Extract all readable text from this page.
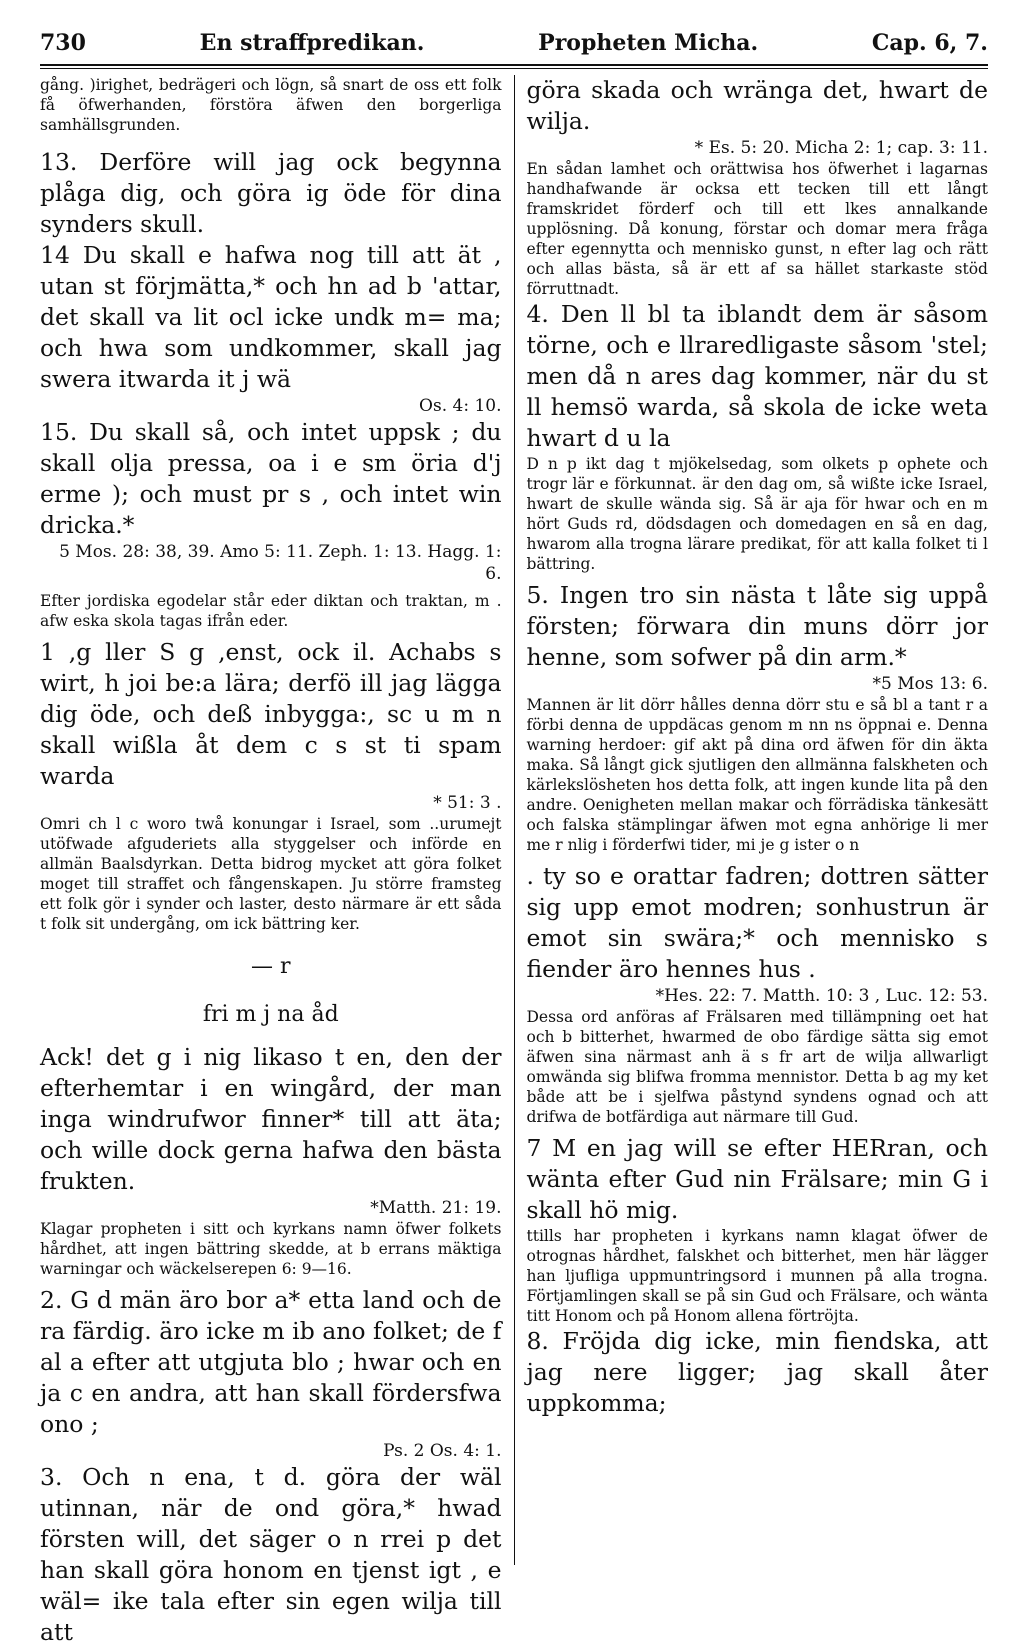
730	En straffpredikan.	Propheten Micha.	Cap. 6, 7.

gång. )irighet, bedrägeri och lögn, så snart de oss ett folk få öfwerhanden, förstöra äfwen den borgerliga samhällsgrunden.

13. Derföre will jag ock begynna plåga dig, och göra ig öde för dina synders skull.

14 Du skall e hafwa nog till att ät , utan st förjmätta,* och hn ad b 'attar, det skall va lit ocl icke undk m= ma; och hwa som undkommer, skall jag swera itwarda it j wä

Os. 4: 10.

15. Du skall så, och intet uppsk ; du skall olja pressa, oa i e sm öria d'j erme ); och must pr s , och intet win dricka.*

5 Mos. 28: 38, 39. Amo 5: 11. Zeph. 1: 13. Hagg. 1: 6.

Efter jordiska egodelar står eder diktan och traktan, m . afw eska skola tagas ifrån eder.

1 ,g ller S g ,enst, ock il. Achabs s wirt, h joi be:a lära; derfö ill jag lägga dig öde, och deß inbygga:, sc u m n skall wißla åt dem c s st ti spam warda

* 51: 3 .

Omri ch l c woro twå konungar i Israel, som ..urumejt utöfwade afguderiets alla styggelser och införde en allmän Baalsdyrkan. Detta bidrog mycket att göra folket moget till straffet och fångenskapen. Ju större framsteg ett folk gör i synder och laster, desto närmare är ett såda t folk sit undergång, om ick bättring ker.

— r

fri m j na åd

Ack! det g i nig likaso t en, den der efterhemtar i en wingård, der man inga windrufwor finner* till att äta; och wille dock gerna hafwa den bästa frukten.

*Matth. 21: 19.

Klagar propheten i sitt och kyrkans namn öfwer folkets hårdhet, att ingen bättring skedde, at b errans mäktiga warningar och wäckelserepen 6: 9—16.

2. G d män äro bor a* etta land och de ra färdig. äro icke m ib ano folket; de f al a efter att utgjuta blo ; hwar och en ja c en andra, att han skall fördersfwa ono ;

Ps. 2 Os. 4: 1.

3. Och n ena, t d. göra der wäl utinnan, när de ond göra,* hwad försten will, det säger o n rrei p det han skall göra honom en tjenst igt , e wäl= ike tala efter sin egen wilja till att

göra skada och wränga det, hwart de wilja.

* Es. 5: 20. Micha 2: 1; cap. 3: 11.

En sådan lamhet och orättwisa hos öfwerhet i lagarnas handhafwande är ocksa ett tecken till ett långt framskridet förderf och till ett lkes annalkande upplösning. Då konung, förstar och domar mera fråga efter egennytta och mennisko gunst, n efter lag och rätt och allas bästa, så är ett af sa hället starkaste stöd förruttnadt.

4. Den ll bl ta iblandt dem är såsom törne, och e llraredligaste såsom 'stel; men då n ares dag kommer, när du st ll hemsö warda, så skola de icke weta hwart d u la

D n p ikt dag t mjökelsedag, som olkets p ophete och trogr lär e förkunnat. är den dag om, så wißte icke Israel, hwart de skulle wända sig. Så är aja för hwar och en m hört Guds rd, dödsdagen och domedagen en så en dag, hwarom alla trogna lärare predikat, för att kalla folket ti l bättring.

5. Ingen tro sin nästa t låte sig uppå försten; förwara din muns dörr jor henne, som sofwer på din arm.*

*5 Mos 13: 6.

Mannen är lit dörr hålles denna dörr stu e så bl a tant r a förbi denna de uppdäcas genom m nn ns öppnai e. Denna warning herdoer: gif akt på dina ord äfwen för din äkta maka. Så långt gick sjutligen den allmänna falskheten och kärlekslösheten hos detta folk, att ingen kunde lita på den andre. Oenigheten mellan makar och förrädiska tänkesätt och falska stämplingar äfwen mot egna anhörige li mer me r nlig i förderfwi tider, mi je g ister o n

. ty so e orattar fadren; dottren sätter sig upp emot modren; sonhustrun är emot sin swära;* och mennisko s fiender äro hennes hus .

*Hes. 22: 7. Matth. 10: 3 , Luc. 12: 53.

Dessa ord anföras af Frälsaren med tillämpning oet hat och b bitterhet, hwarmed de obo färdige sätta sig emot äfwen sina närmast anh ä s fr art de wilja allwarligt omwända sig blifwa fromma mennistor. Detta b ag my ket både att be i sjelfwa påstynd syndens ognad och att drifwa de botfärdiga aut närmare till Gud.

7 M en jag will se efter HERran, och wänta efter Gud nin Frälsare; min G i skall hö mig.

ttills har propheten i kyrkans namn klagat öfwer de otrognas hårdhet, falskhet och bitterhet, men här lägger han ljufliga uppmuntringsord i munnen på alla trogna. Förtjamlingen skall se på sin Gud och Frälsare, och wänta titt Honom och på Honom allena förtröjta.

8. Fröjda dig icke, min fiendska, att jag nere ligger; jag skall åter uppkomma;
